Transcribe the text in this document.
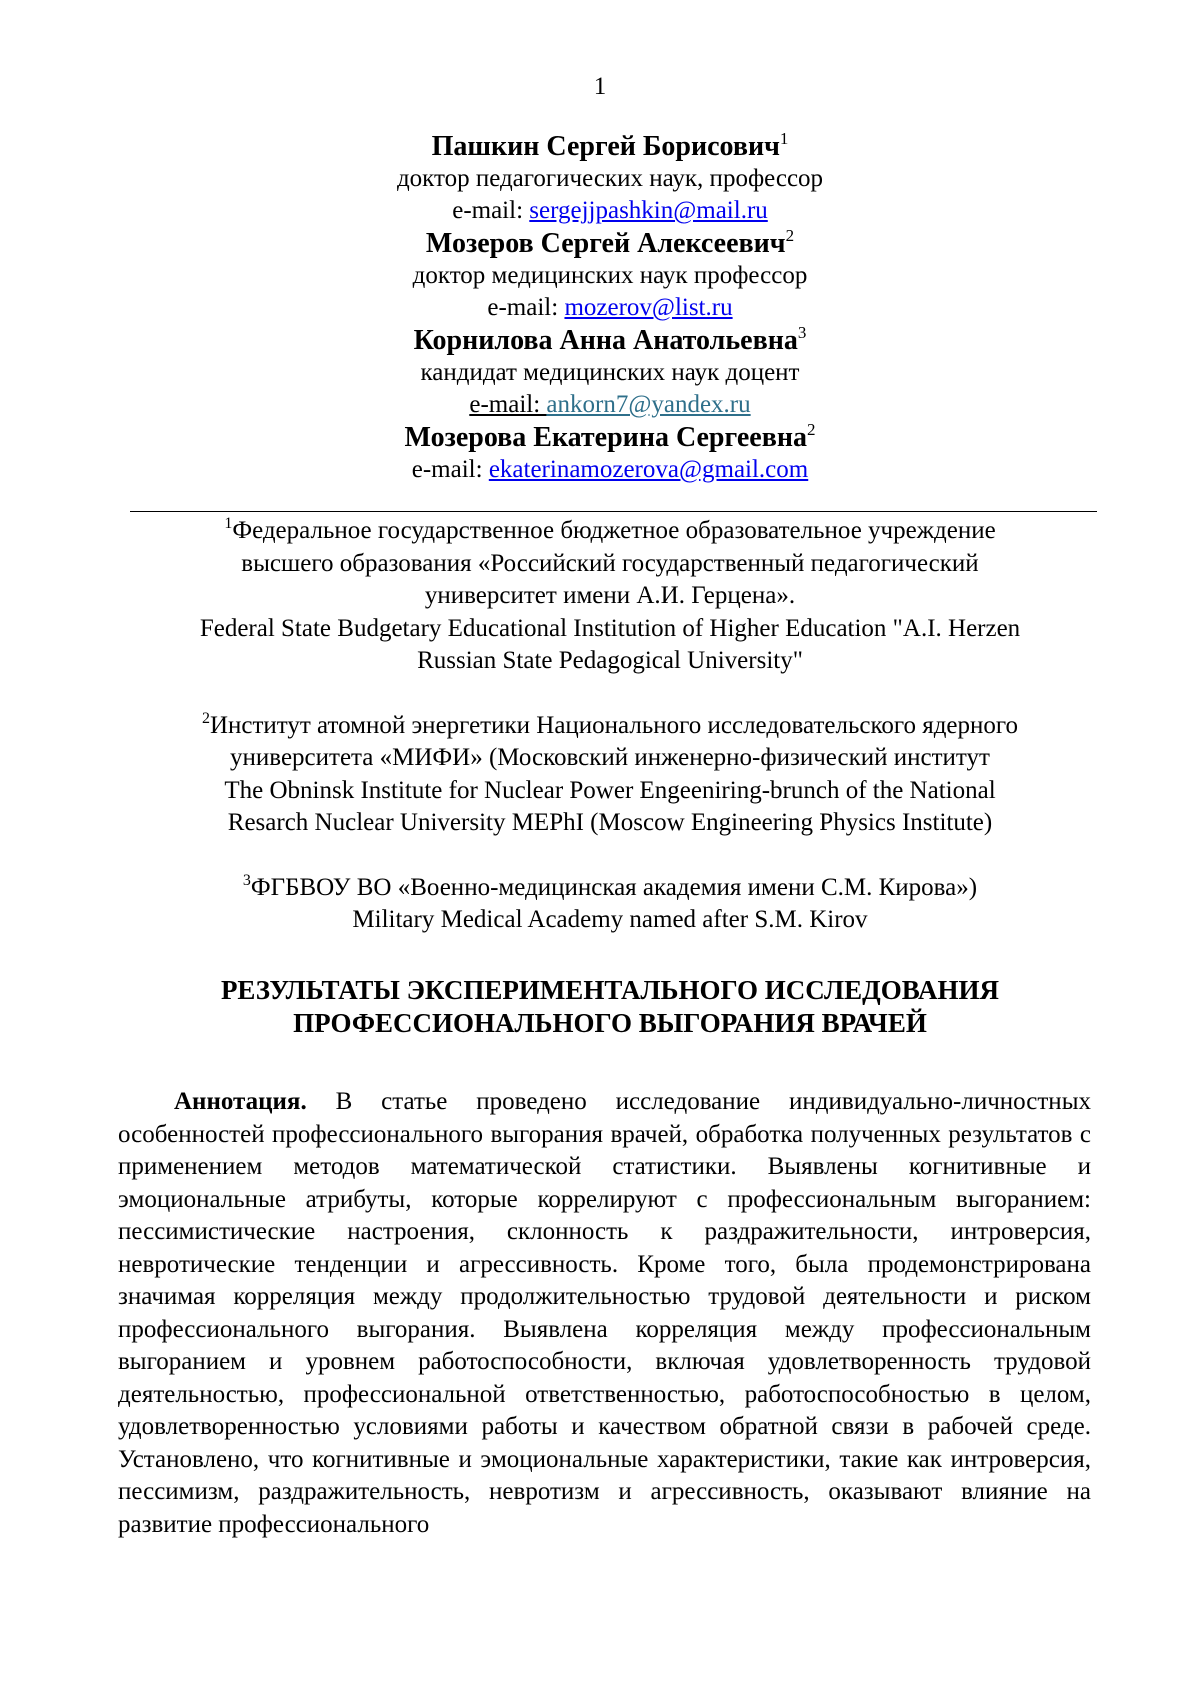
1
Пашкин Сергей Борисович$^1$
доктор педагогических наук, профессор
e-mail: sergejjpashkin@mail.ru
Мозеров Сергей Алексеевич$^2$
доктор медицинских наук профессор
e-mail: mozerov@list.ru
Корнилова Анна Анатольевна$^3$
кандидат медицинских наук доцент
e-mail: ankorn7@yandex.ru
Мозерова Екатерина Сергеевна$^2$
e-mail: ekaterinamozerova@gmail.com
$^1$Федеральное государственное бюджетное образовательное учреждение
высшего образования «Российский государственный педагогический
университет имени А.И. Герцена».
Federal State Budgetary Educational Institution of Higher Education "A.I. Herzen
Russian State Pedagogical University"
$^2$Институт атомной энергетики Национального исследовательского ядерного
университета «МИФИ» (Московский инженерно-физический институт
The Obninsk Institute for Nuclear Power Engeeniring-brunch of the National
Resarch Nuclear University MEPhI (Moscow Engineering Physics Institute)
$^3$ФГБВОУ ВО «Военно-медицинская академия имени С.М. Кирова»)
Military Medical Academy named after S.M. Kirov
РЕЗУЛЬТАТЫ ЭКСПЕРИМЕНТАЛЬНОГО ИССЛЕДОВАНИЯ
ПРОФЕССИОНАЛЬНОГО ВЫГОРАНИЯ ВРАЧЕЙ
Аннотация. В статье проведено исследование индивидуально-личностных особенностей профессионального выгорания врачей, обработка полученных результатов с применением методов математической статистики. Выявлены когнитивные и эмоциональные атрибуты, которые коррелируют с профессиональным выгоранием: пессимистические настроения, склонность к раздражительности, интроверсия, невротические тенденции и агрессивность. Кроме того, была продемонстрирована значимая корреляция между продолжительностью трудовой деятельности и риском профессионального выгорания. Выявлена корреляция между профессиональным выгоранием и уровнем работоспособности, включая удовлетворенность трудовой деятельностью, профессиональной ответственностью, работоспособностью в целом, удовлетворенностью условиями работы и качеством обратной связи в рабочей среде. Установлено, что когнитивные и эмоциональные характеристики, такие как интроверсия, пессимизм, раздражительность, невротизм и агрессивность, оказывают влияние на развитие профессионального
